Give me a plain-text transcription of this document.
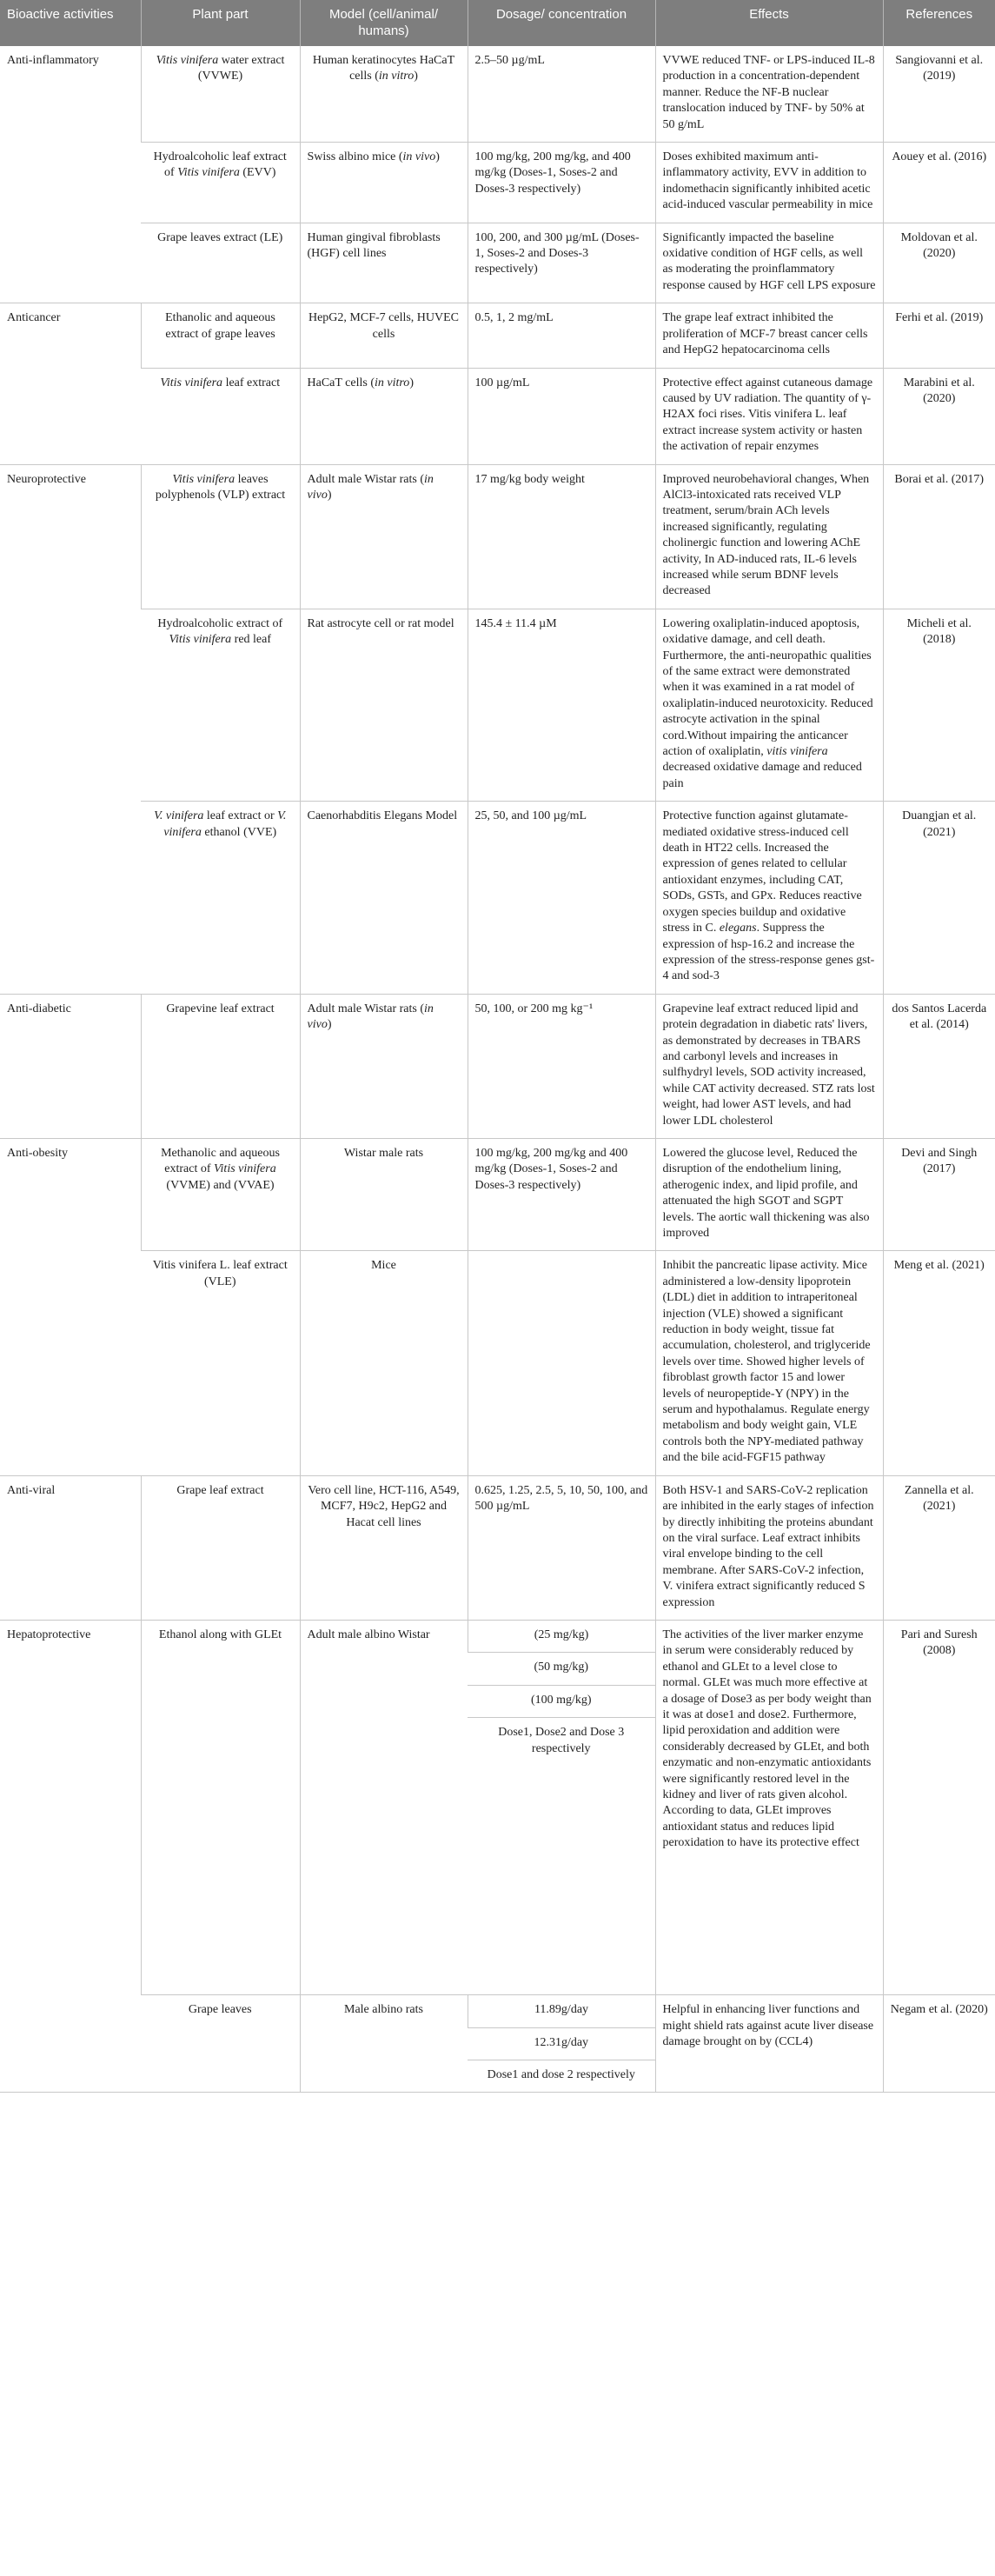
Bioactive activities	Plant part	Model (cell/animal/ humans)	Dosage/ concentration	Effects	References
Anti-inflammatory	Vitis vinifera water extract (VVWE)	Human keratinocytes HaCaT cells (in vitro)	2.5–50 µg/mL	VVWE reduced TNF- or LPS-induced IL-8 production in a concentration-dependent manner. Reduce the NF-B nuclear translocation induced by TNF- by 50% at 50 g/mL	Sangiovanni et al. (2019)
	Hydroalcoholic leaf extract of Vitis vinifera (EVV)	Swiss albino mice (in vivo)	100 mg/kg, 200 mg/kg, and 400 mg/kg (Doses-1, Soses-2 and Doses-3 respectively)	Doses exhibited maximum anti-inflammatory activity, EVV in addition to indomethacin significantly inhibited acetic acid-induced vascular permeability in mice	Aouey et al. (2016)
	Grape leaves extract (LE)	Human gingival fibroblasts (HGF) cell lines	100, 200, and 300 µg/mL (Doses-1, Soses-2 and Doses-3 respectively)	Significantly impacted the baseline oxidative condition of HGF cells, as well as moderating the proinflammatory response caused by HGF cell LPS exposure	Moldovan et al. (2020)
Anticancer	Ethanolic and aqueous extract of grape leaves	HepG2, MCF-7 cells, HUVEC cells	0.5, 1, 2 mg/mL	The grape leaf extract inhibited the proliferation of MCF-7 breast cancer cells and HepG2 hepatocarcinoma cells	Ferhi et al. (2019)
	Vitis vinifera leaf extract	HaCaT cells (in vitro)	100 µg/mL	Protective effect against cutaneous damage caused by UV radiation. The quantity of γ-H2AX foci rises. Vitis vinifera L. leaf extract increase system activity or hasten the activation of repair enzymes	Marabini et al. (2020)
Neuroprotective	Vitis vinifera leaves polyphenols (VLP) extract	Adult male Wistar rats (in vivo)	17 mg/kg body weight	Improved neurobehavioral changes, When AlCl3-intoxicated rats received VLP treatment, serum/brain ACh levels increased significantly, regulating cholinergic function and lowering AChE activity, In AD-induced rats, IL-6 levels increased while serum BDNF levels decreased	Borai et al. (2017)
	Hydroalcoholic extract of Vitis vinifera red leaf	Rat astrocyte cell or rat model	145.4 ± 11.4 µM	Lowering oxaliplatin-induced apoptosis, oxidative damage, and cell death. Furthermore, the anti-neuropathic qualities of the same extract were demonstrated when it was examined in a rat model of oxaliplatin-induced neurotoxicity. Reduced astrocyte activation in the spinal cord.Without impairing the anticancer action of oxaliplatin, vitis vinifera decreased oxidative damage and reduced pain	Micheli et al. (2018)
	V. vinifera leaf extract or V. vinifera ethanol (VVE)	Caenorhabditis Elegans Model	25, 50, and 100 µg/mL	Protective function against glutamate-mediated oxidative stress-induced cell death in HT22 cells. Increased the expression of genes related to cellular antioxidant enzymes, including CAT, SODs, GSTs, and GPx. Reduces reactive oxygen species buildup and oxidative stress in C. elegans. Suppress the expression of hsp-16.2 and increase the expression of the stress-response genes gst-4 and sod-3	Duangjan et al. (2021)
Anti-diabetic	Grapevine leaf extract	Adult male Wistar rats (in vivo)	50, 100, or 200 mg kg⁻¹	Grapevine leaf extract reduced lipid and protein degradation in diabetic rats' livers, as demonstrated by decreases in TBARS and carbonyl levels and increases in sulfhydryl levels, SOD activity increased, while CAT activity decreased. STZ rats lost weight, had lower AST levels, and had lower LDL cholesterol	dos Santos Lacerda et al. (2014)
Anti-obesity	Methanolic and aqueous extract of Vitis vinifera (VVME) and (VVAE)	Wistar male rats	100 mg/kg, 200 mg/kg and 400 mg/kg (Doses-1, Soses-2 and Doses-3 respectively)	Lowered the glucose level, Reduced the disruption of the endothelium lining, atherogenic index, and lipid profile, and attenuated the high SGOT and SGPT levels. The aortic wall thickening was also improved	Devi and Singh (2017)
	Vitis vinifera L. leaf extract (VLE)	Mice		Inhibit the pancreatic lipase activity. Mice administered a low-density lipoprotein (LDL) diet in addition to intraperitoneal injection (VLE) showed a significant reduction in body weight, tissue fat accumulation, cholesterol, and triglyceride levels over time. Showed higher levels of fibroblast growth factor 15 and lower levels of neuropeptide-Y (NPY) in the serum and hypothalamus. Regulate energy metabolism and body weight gain, VLE controls both the NPY-mediated pathway and the bile acid-FGF15 pathway	Meng et al. (2021)
Anti-viral	Grape leaf extract	Vero cell line, HCT-116, A549, MCF7, H9c2, HepG2 and Hacat cell lines	0.625, 1.25, 2.5, 5, 10, 50, 100, and 500 µg/mL	Both HSV-1 and SARS-CoV-2 replication are inhibited in the early stages of infection by directly inhibiting the proteins abundant on the viral surface. Leaf extract inhibits viral envelope binding to the cell membrane. After SARS-CoV-2 infection, V. vinifera extract significantly reduced S expression	Zannella et al. (2021)
Hepatoprotective	Ethanol along with GLEt	Adult male albino Wistar	(25 mg/kg)	The activities of the liver marker enzyme in serum were considerably reduced by ethanol and GLEt to a level close to normal. GLEt was much more effective at a dosage of Dose3 as per body weight than it was at dose1 and dose2. Furthermore, lipid peroxidation and addition were considerably decreased by GLEt, and both enzymatic and non-enzymatic antioxidants were significantly restored level in the kidney and liver of rats given alcohol. According to data, GLEt improves antioxidant status and reduces lipid peroxidation to have its protective effect	Pari and Suresh (2008)
			(50 mg/kg)		
			(100 mg/kg)		
			Dose1, Dose2 and Dose 3 respectively		
	Grape leaves	Male albino rats	11.89g/day	Helpful in enhancing liver functions and might shield rats against acute liver disease damage brought on by (CCL4)	Negam et al. (2020)
			12.31g/day		
			Dose1 and dose 2 respectively		
